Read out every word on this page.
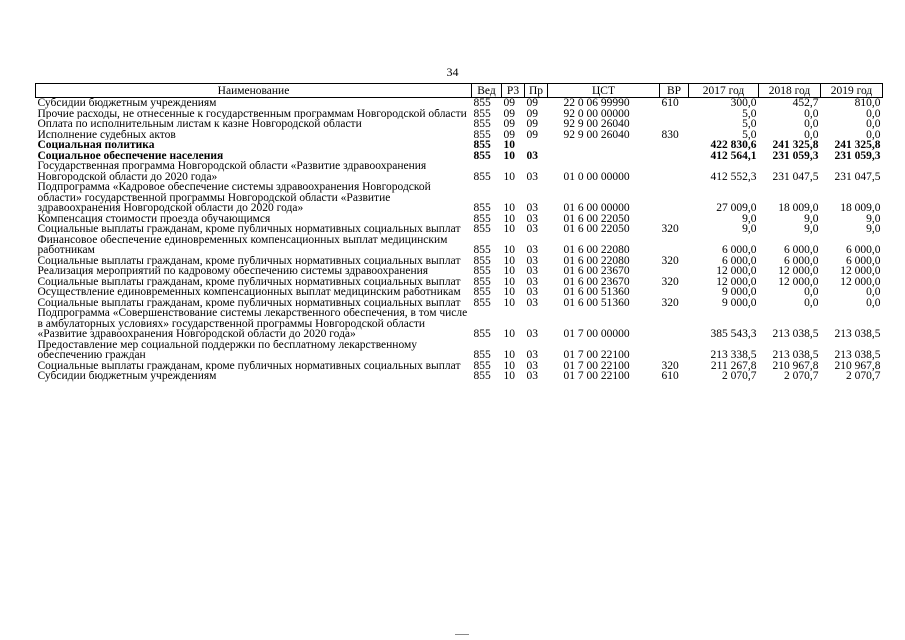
34
Наименование	Вед	Р3	Пр	ЦСТ	ВР	2017 год	2018 год	2019 год
Субсидии бюджетным учреждениям	855	09	09	22 0 06 99990	610	300,0	452,7	810,0
Прочие расходы, не отнесенные к государственным программам Новгородской области	855	09	09	92 0 00 00000		5,0	0,0	0,0
Оплата по исполнительным листам к казне Новгородской области	855	09	09	92 9 00 26040		5,0	0,0	0,0
Исполнение судебных актов	855	09	09	92 9 00 26040	830	5,0	0,0	0,0
Социальная политика	855	10				422 830,6	241 325,8	241 325,8
Социальное обеспечение населения	855	10	03			412 564,1	231 059,3	231 059,3
Государственная программа Новгородской области «Развитие здравоохранения Новгородской области до 2020 года»	855	10	03	01 0 00 00000		412 552,3	231 047,5	231 047,5
Подпрограмма «Кадровое обеспечение системы здравоохранения Новгородской области» государственной программы Новгородской области «Развитие здравоохранения Новгородской области до 2020 года»	855	10	03	01 6 00 00000		27 009,0	18 009,0	18 009,0
Компенсация стоимости проезда обучающимся	855	10	03	01 6 00 22050		9,0	9,0	9,0
Социальные выплаты гражданам, кроме публичных нормативных социальных выплат	855	10	03	01 6 00 22050	320	9,0	9,0	9,0
Финансовое обеспечение единовременных компенсационных выплат медицинским работникам	855	10	03	01 6 00 22080		6 000,0	6 000,0	6 000,0
Социальные выплаты гражданам, кроме публичных нормативных социальных выплат	855	10	03	01 6 00 22080	320	6 000,0	6 000,0	6 000,0
Реализация мероприятий по кадровому обеспечению системы здравоохранения	855	10	03	01 6 00 23670		12 000,0	12 000,0	12 000,0
Социальные выплаты гражданам, кроме публичных нормативных социальных выплат	855	10	03	01 6 00 23670	320	12 000,0	12 000,0	12 000,0
Осуществление единовременных компенсационных выплат медицинским работникам	855	10	03	01 6 00 51360		9 000,0	0,0	0,0
Социальные выплаты гражданам, кроме публичных нормативных социальных выплат	855	10	03	01 6 00 51360	320	9 000,0	0,0	0,0
Подпрограмма «Совершенствование системы лекарственного обеспечения, в том числе в амбулаторных условиях» государственной программы Новгородской области «Развитие здравоохранения Новгородской области до 2020 года»	855	10	03	01 7 00 00000		385 543,3	213 038,5	213 038,5
Предоставление мер социальной поддержки по бесплатному лекарственному обеспечению граждан	855	10	03	01 7 00 22100		213 338,5	213 038,5	213 038,5
Социальные выплаты гражданам, кроме публичных нормативных социальных выплат	855	10	03	01 7 00 22100	320	211 267,8	210 967,8	210 967,8
Субсидии бюджетным учреждениям	855	10	03	01 7 00 22100	610	2 070,7	2 070,7	2 070,7
